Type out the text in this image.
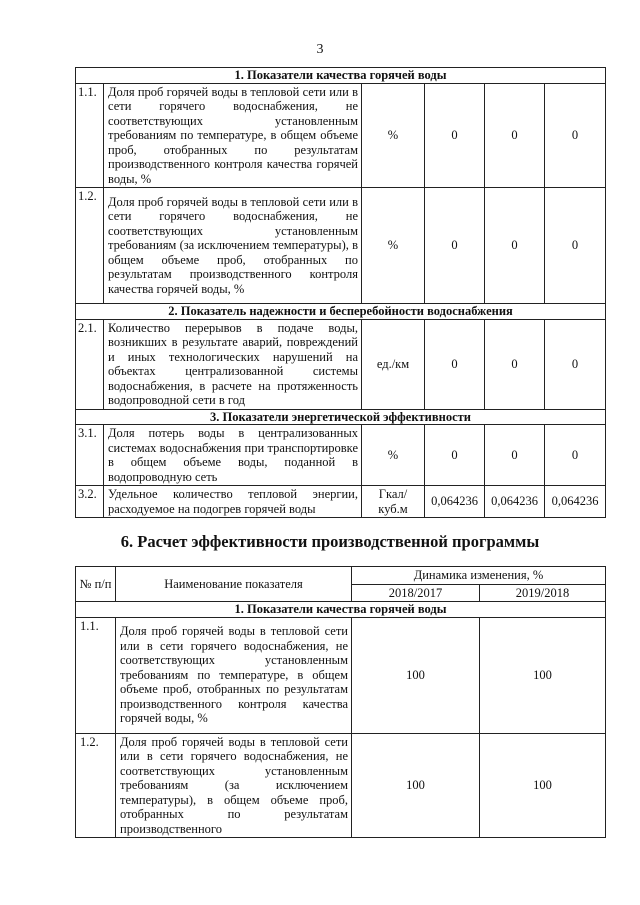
3
1. Показатели качества горячей воды					
1.1.	Доля проб горячей воды в тепловой сети или в сети горячего водоснабжения, не соответствующих установленным требованиям по температуре, в общем объеме проб, отобранных по результатам производственного контроля качества горячей воды, %	%	0	0	0
1.2.	Доля проб горячей воды в тепловой сети или в сети горячего водоснабжения, не соответствующих установленным требованиям (за исключением температуры), в общем объеме проб, отобранных по результатам производственного контроля качества горячей воды, %	%	0	0	0
2. Показатель надежности и бесперебойности водоснабжения					
2.1.	Количество перерывов в подаче воды, возникших в результате аварий, повреждений и иных технологических нарушений на объектах централизованной системы водоснабжения, в расчете на протяженность водопроводной сети в год	ед./км	0	0	0
3. Показатели энергетической эффективности					
3.1.	Доля потерь воды в централизованных системах водоснабжения при транспортировке в общем объеме воды, поданной в водопроводную сеть	%	0	0	0
3.2.	Удельное количество тепловой энергии, расходуемое на подогрев горячей воды	Гкал/ куб.м	0,064236	0,064236	0,064236
6. Расчет эффективности производственной программы
№ п/п	Наименование показателя	Динамика изменения, %	
		2018/2017	2019/2018
1. Показатели качества горячей воды			
1.1.	Доля проб горячей воды в тепловой сети или в сети горячего водоснабжения, не соответствующих установленным требованиям по температуре, в общем объеме проб, отобранных по результатам производственного контроля качества горячей воды, %	100	100
1.2.	Доля проб горячей воды в тепловой сети или в сети горячего водоснабжения, не соответствующих установленным требованиям (за исключением температуры), в общем объеме проб, отобранных по результатам производственного	100	100
